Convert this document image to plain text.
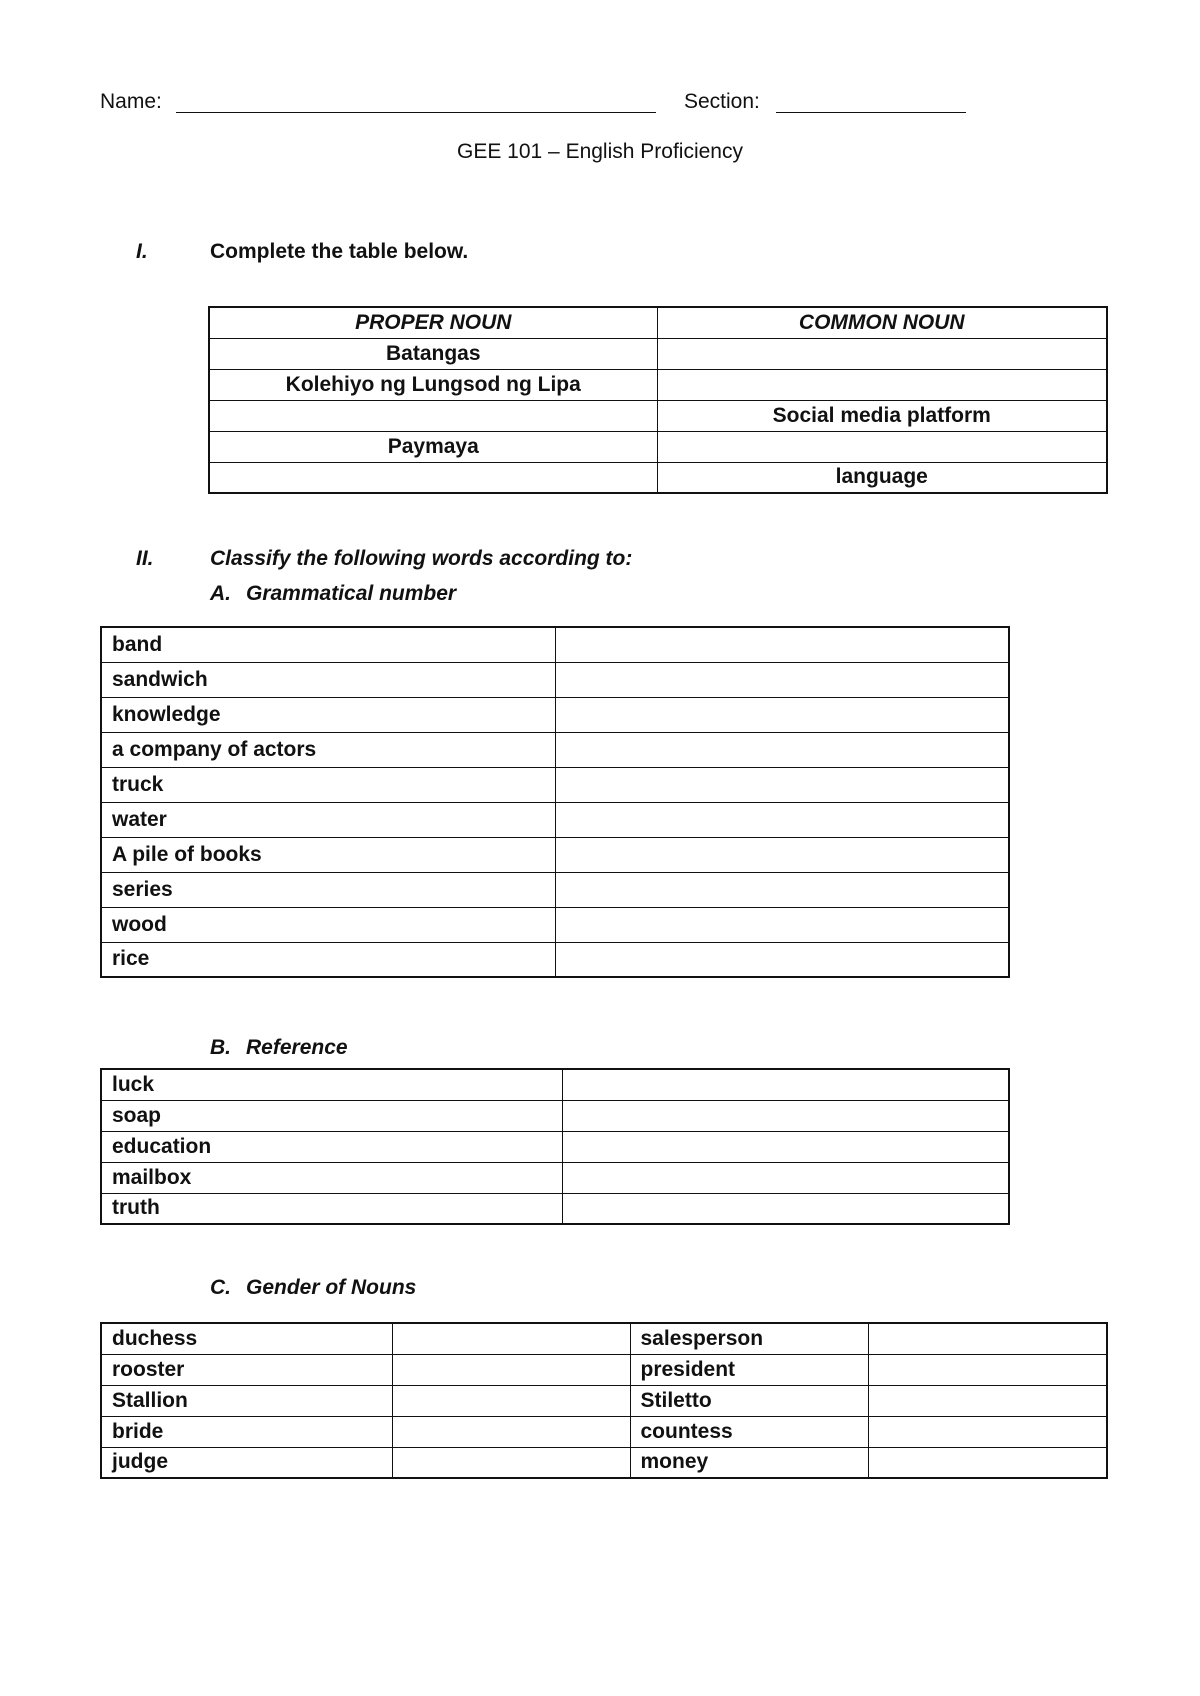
Name:	Section:
GEE 101 – English Proficiency
I.	Complete the table below.
PROPER NOUN	COMMON NOUN
Batangas	
Kolehiyo ng Lungsod ng Lipa	
	Social media platform
Paymaya	
	language
II.	Classify the following words according to:
A. Grammatical number
band	
sandwich	
knowledge	
a company of actors	
truck	
water	
A pile of books	
series	
wood	
rice	
B. Reference
luck	
soap	
education	
mailbox	
truth	
C. Gender of Nouns
duchess		salesperson	
rooster		president	
Stallion		Stiletto	
bride		countess	
judge		money	
